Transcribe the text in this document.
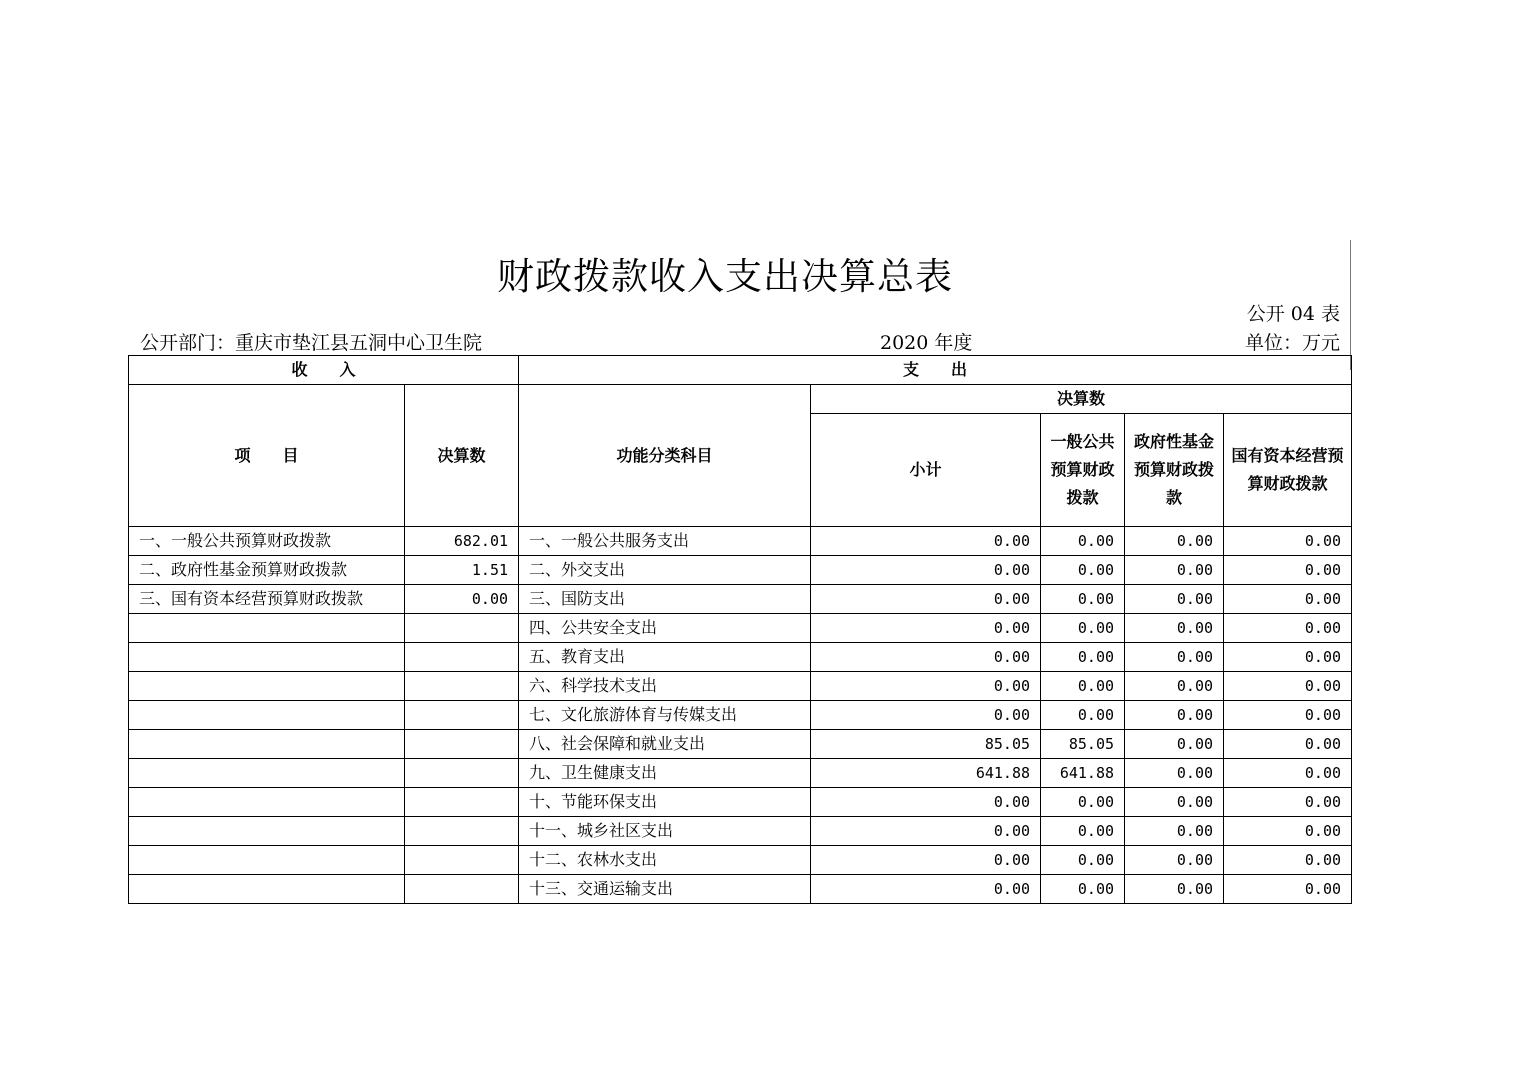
财政拨款收入支出决算总表
公开 04 表
公开部门：重庆市垫江县五洞中心卫生院	2020 年度	单位：万元
收　　入		支　　出				
项　　目	决算数	功能分类科目	决算数			
			小计	一般公共预算财政拨款	政府性基金预算财政拨款	国有资本经营预算财政拨款
一、一般公共预算财政拨款	682.01	一、一般公共服务支出	0.00	0.00	0.00	0.00
二、政府性基金预算财政拨款	1.51	二、外交支出	0.00	0.00	0.00	0.00
三、国有资本经营预算财政拨款	0.00	三、国防支出	0.00	0.00	0.00	0.00
		四、公共安全支出	0.00	0.00	0.00	0.00
		五、教育支出	0.00	0.00	0.00	0.00
		六、科学技术支出	0.00	0.00	0.00	0.00
		七、文化旅游体育与传媒支出	0.00	0.00	0.00	0.00
		八、社会保障和就业支出	85.05	85.05	0.00	0.00
		九、卫生健康支出	641.88	641.88	0.00	0.00
		十、节能环保支出	0.00	0.00	0.00	0.00
		十一、城乡社区支出	0.00	0.00	0.00	0.00
		十二、农林水支出	0.00	0.00	0.00	0.00
		十三、交通运输支出	0.00	0.00	0.00	0.00
